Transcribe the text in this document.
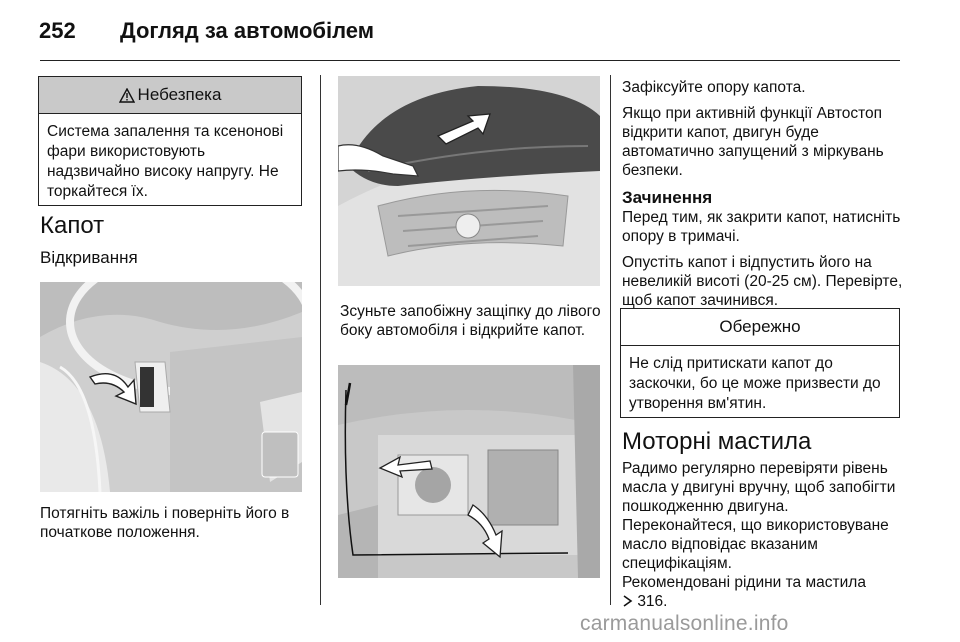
252 Догляд за автомобілем
Небезпека
Система запалення та ксенонові фари використовують надзвичайно високу напругу. Не торкайтеся їх.
Капот
Відкривання
Потягніть важіль і поверніть його в початкове положення.
Зсуньте запобіжну защіпку до лівого боку автомобіля і відкрийте капот.

Зафіксуйте опору капота.

Якщо при активній функції Автостоп відкрити капот, двигун буде автоматично запущений з міркувань безпеки.

Зачинення

Перед тим, як закрити капот, натисніть опору в тримачі.

Опустіть капот і відпустить його на невеликій висоті (20-25 см). Перевірте, щоб капот зачинився.

Обережно
Не слід притискати капот до заскочки, бо це може призвести до утворення вм'ятин.
Моторні мастила

Радимо регулярно перевіряти рівень масла у двигуні вручну, щоб запобігти пошкодженню двигуна.

Переконайтеся, що використовуване масло відповідає вказаним специфікаціям.

Рекомендовані рідини та мастила
316.

carmanualsonline.info
